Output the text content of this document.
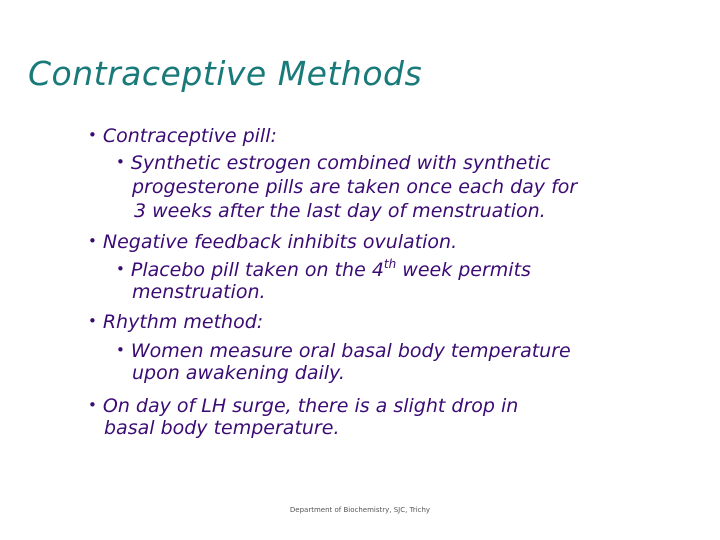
Contraceptive Methods
• Contraceptive pill:
• Synthetic estrogen combined with synthetic
progesterone pills are taken once each day for
3 weeks after the last day of menstruation.
• Negative feedback inhibits ovulation.
• Placebo pill taken on the 4th week permits
menstruation.
• Rhythm method:
• Women measure oral basal body temperature
upon awakening daily.
• On day of LH surge, there is a slight drop in
basal body temperature.
Department of Biochemistry, SJC, Trichy
